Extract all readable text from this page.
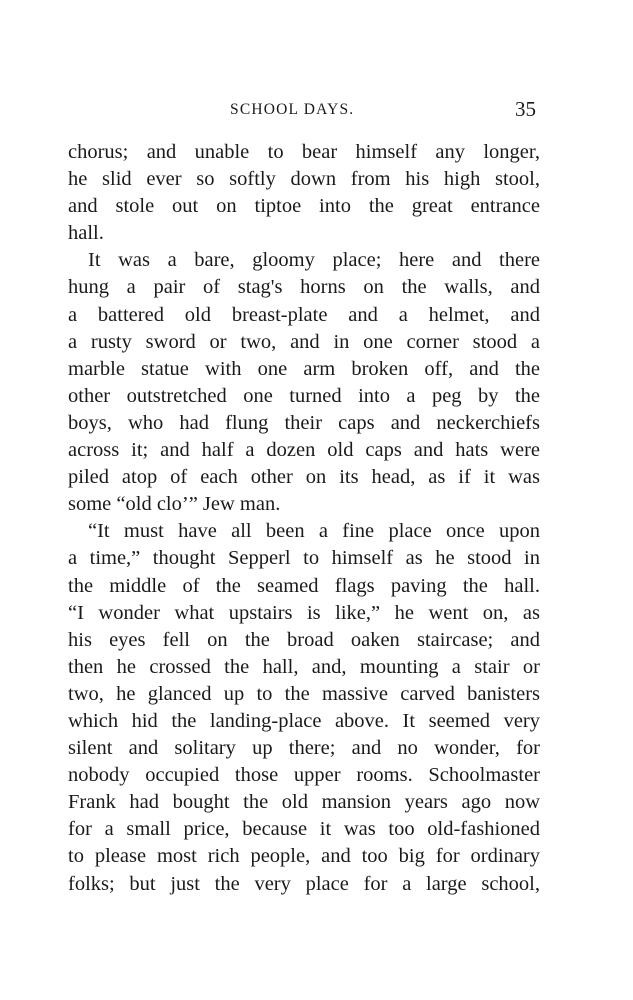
SCHOOL DAYS.	35
chorus; and unable to bear himself any longer,
he slid ever so softly down from his high stool,
and stole out on tiptoe into the great entrance
hall.
It was a bare, gloomy place; here and there
hung a pair of stag's horns on the walls, and
a battered old breast-plate and a helmet, and
a rusty sword or two, and in one corner stood a
marble statue with one arm broken off, and the
other outstretched one turned into a peg by the
boys, who had flung their caps and neckerchiefs
across it; and half a dozen old caps and hats were
piled atop of each other on its head, as if it was
some “old clo’” Jew man.
“It must have all been a fine place once upon
a time,” thought Sepperl to himself as he stood in
the middle of the seamed flags paving the hall.
“I wonder what upstairs is like,” he went on, as
his eyes fell on the broad oaken staircase; and
then he crossed the hall, and, mounting a stair or
two, he glanced up to the massive carved banisters
which hid the landing-place above. It seemed very
silent and solitary up there; and no wonder, for
nobody occupied those upper rooms. Schoolmaster
Frank had bought the old mansion years ago now
for a small price, because it was too old-fashioned
to please most rich people, and too big for ordinary
folks; but just the very place for a large school,
